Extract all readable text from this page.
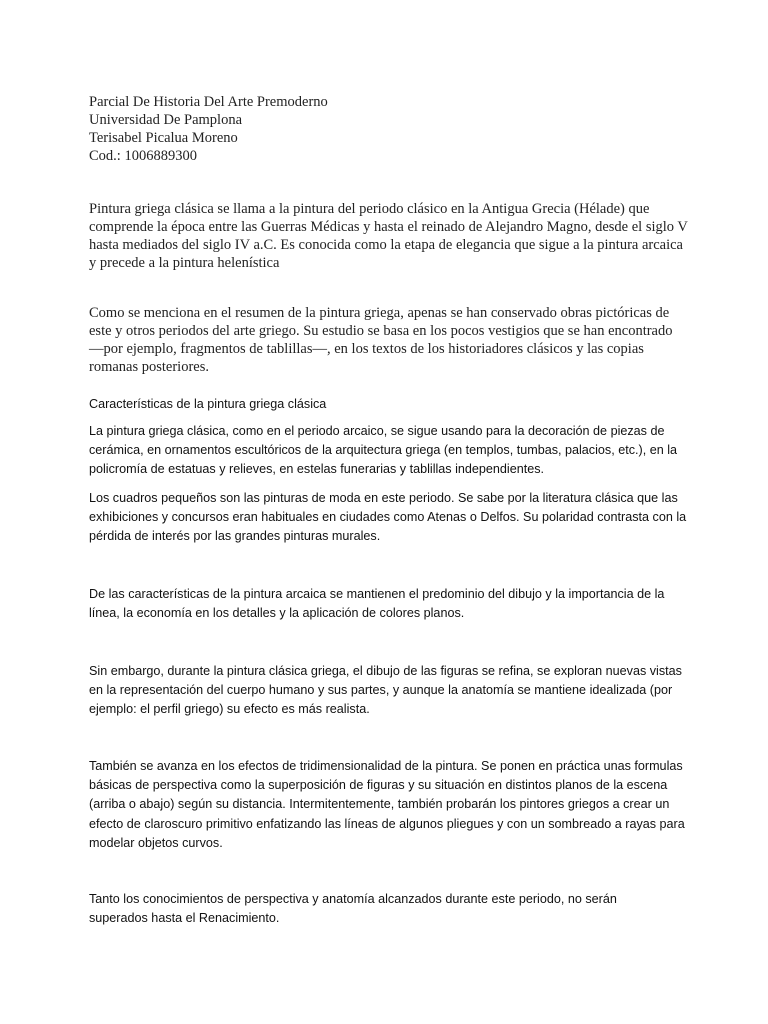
Parcial De Historia Del Arte Premoderno
Universidad De Pamplona
Terisabel Picalua Moreno
Cod.: 1006889300

Pintura griega clásica se llama a la pintura del periodo clásico en la Antigua Grecia (Hélade) que comprende la época entre las Guerras Médicas y hasta el reinado de Alejandro Magno, desde el siglo V hasta mediados del siglo IV a.C. Es conocida como la etapa de elegancia que sigue a la pintura arcaica y precede a la pintura helenística

Como se menciona en el resumen de la pintura griega, apenas se han conservado obras pictóricas de este y otros periodos del arte griego. Su estudio se basa en los pocos vestigios que se han encontrado —por ejemplo, fragmentos de tablillas—, en los textos de los historiadores clásicos y las copias romanas posteriores.

Características de la pintura griega clásica

La pintura griega clásica, como en el periodo arcaico, se sigue usando para la decoración de piezas de cerámica, en ornamentos escultóricos de la arquitectura griega (en templos, tumbas, palacios, etc.), en la policromía de estatuas y relieves, en estelas funerarias y tablillas independientes.

Los cuadros pequeños son las pinturas de moda en este periodo. Se sabe por la literatura clásica que las exhibiciones y concursos eran habituales en ciudades como Atenas o Delfos. Su polaridad contrasta con la pérdida de interés por las grandes pinturas murales.

De las características de la pintura arcaica se mantienen el predominio del dibujo y la importancia de la línea, la economía en los detalles y la aplicación de colores planos.

Sin embargo, durante la pintura clásica griega, el dibujo de las figuras se refina, se exploran nuevas vistas en la representación del cuerpo humano y sus partes, y aunque la anatomía se mantiene idealizada (por ejemplo: el perfil griego) su efecto es más realista.

También se avanza en los efectos de tridimensionalidad de la pintura. Se ponen en práctica unas formulas básicas de perspectiva como la superposición de figuras y su situación en distintos planos de la escena (arriba o abajo) según su distancia. Intermitentemente, también probarán los pintores griegos a crear un efecto de claroscuro primitivo enfatizando las líneas de algunos pliegues y con un sombreado a rayas para modelar objetos curvos.

Tanto los conocimientos de perspectiva y anatomía alcanzados durante este periodo, no serán superados hasta el Renacimiento.
